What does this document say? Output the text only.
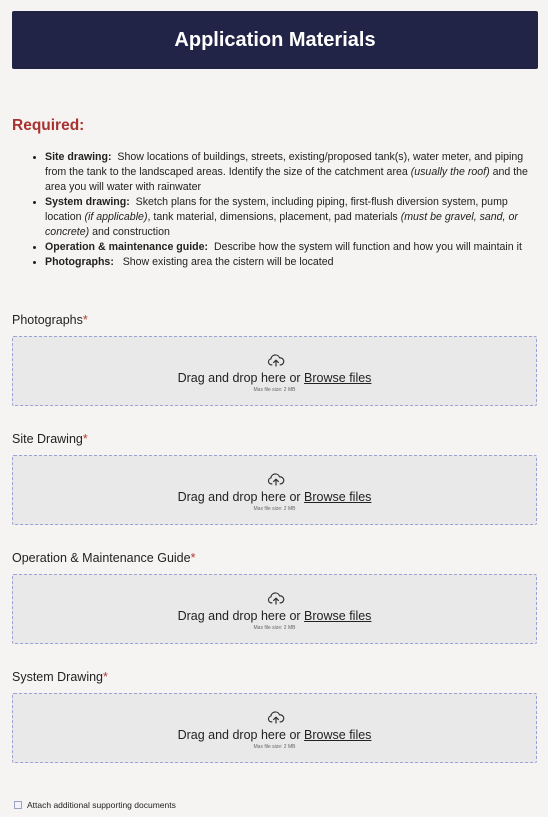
Application Materials
Required:
• Site drawing: Show locations of buildings, streets, existing/proposed tank(s), water meter, and piping from the tank to the landscaped areas. Identify the size of the catchment area (usually the roof) and the area you will water with rainwater
• System drawing: Sketch plans for the system, including piping, first-flush diversion system, pump location (if applicable), tank material, dimensions, placement, pad materials (must be gravel, sand, or concrete) and construction
• Operation & maintenance guide: Describe how the system will function and how you will maintain it
• Photographs: Show existing area the cistern will be located
Photographs*
Drag and drop here or Browse files
Max file size: 2 MB
Site Drawing*
Drag and drop here or Browse files
Max file size: 2 MB
Operation & Maintenance Guide*
Drag and drop here or Browse files
Max file size: 2 MB
System Drawing*
Drag and drop here or Browse files
Max file size: 2 MB
Attach additional supporting documents
